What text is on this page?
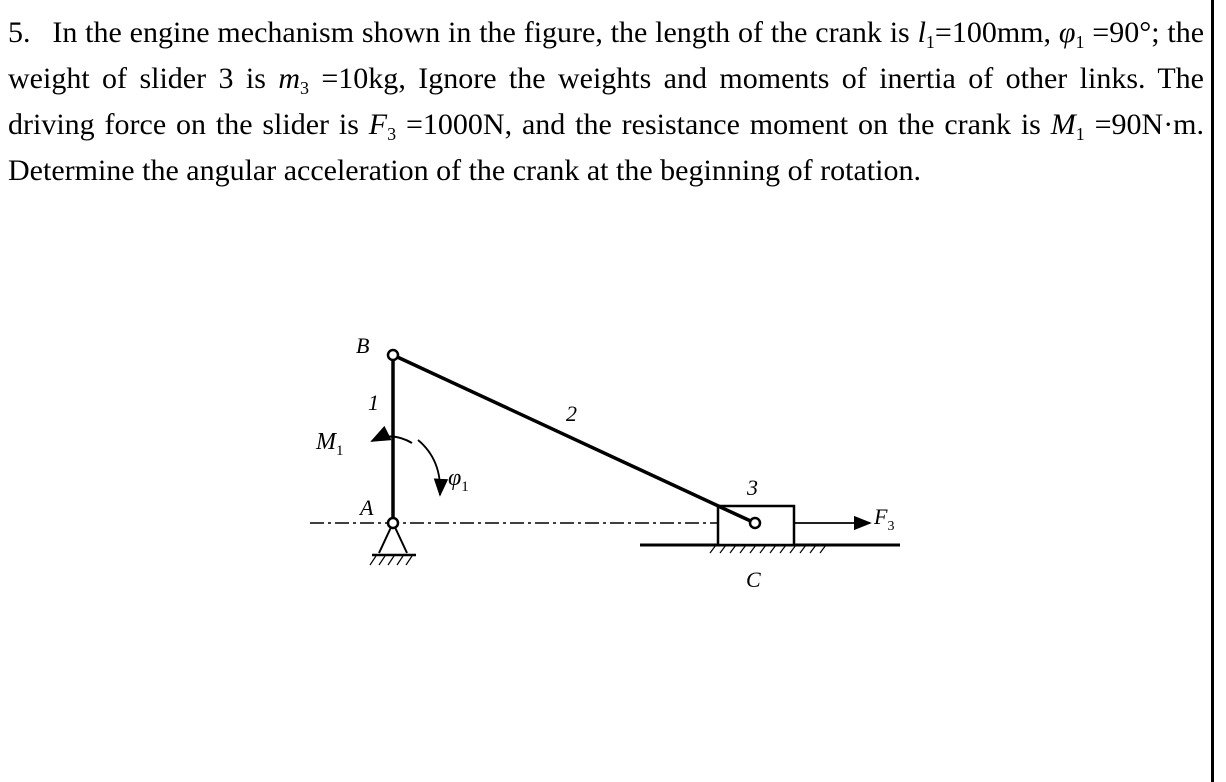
5. In the engine mechanism shown in the figure, the length of the crank is $l_1=100mm$, $\varphi_1 =90^\circ$; the weight of slider 3 is $m_3 =10kg$, Ignore the weights and moments of inertia of other links. The driving force on the slider is $F_3 =1000N$, and the resistance moment on the crank is $M_1 =90N\cdot m$. Determine the angular acceleration of the crank at the beginning of rotation.

B
A
C
1	2
3
$M_1$
$\varphi_1$
$F_3$
